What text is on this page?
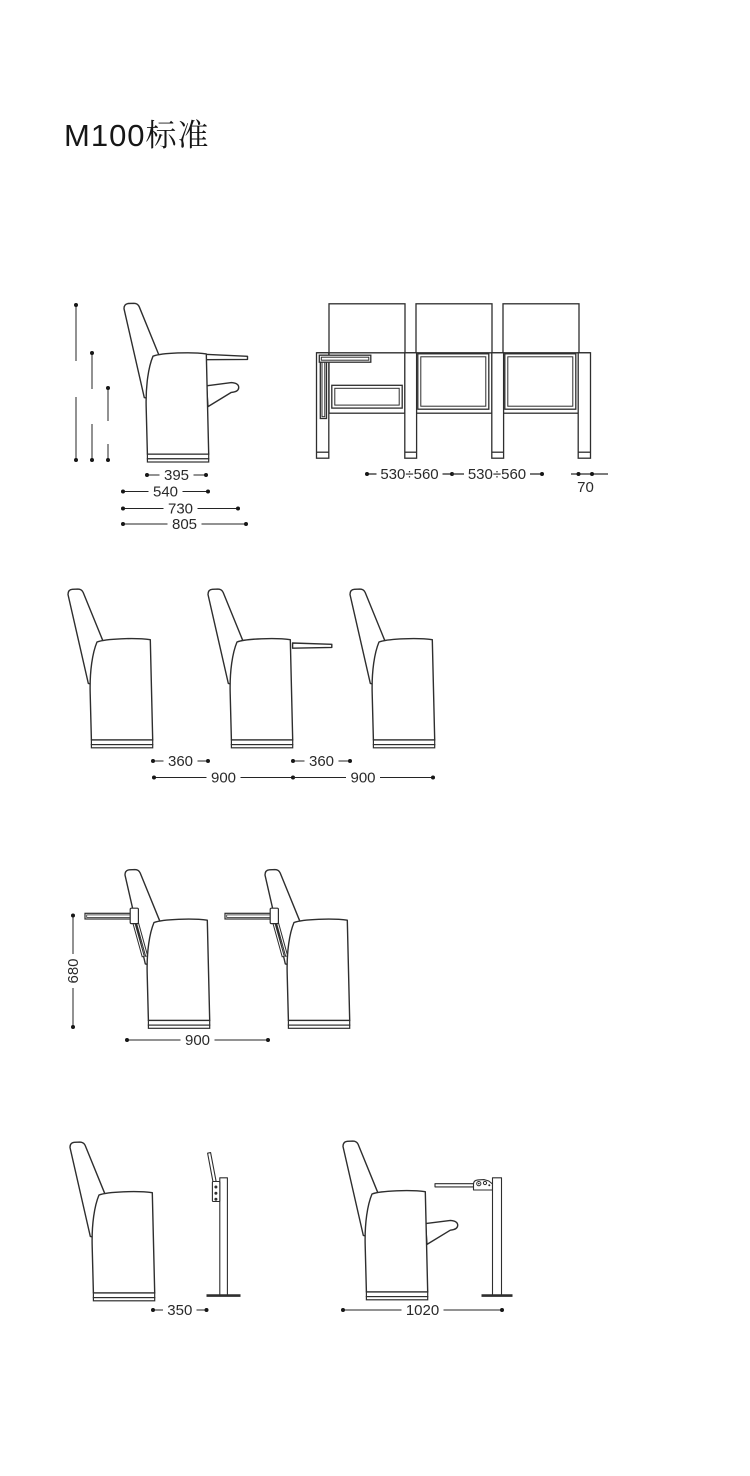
M100标准
395
540
730
805
530÷560 530÷560
70
360	360
900	900
680
900
350	1020
